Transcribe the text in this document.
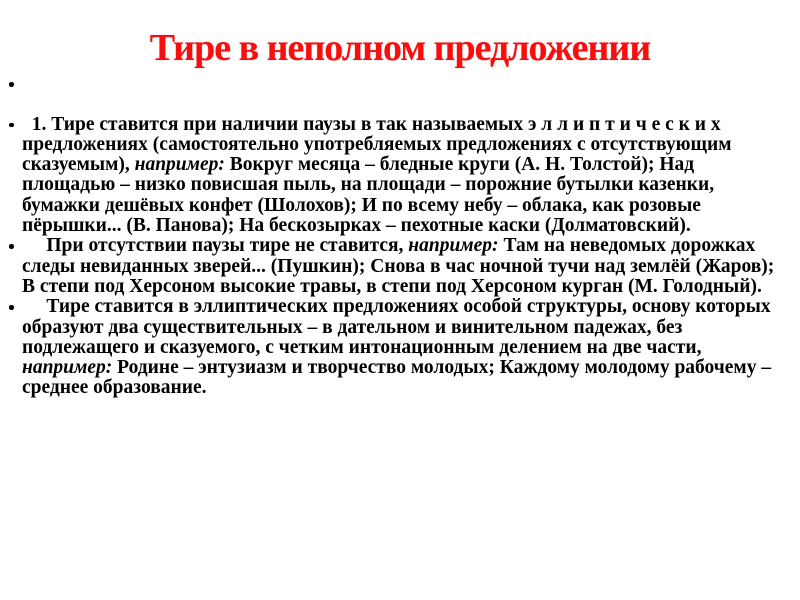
Тире в неполном предложении
1. Тире ставится при наличии паузы в так называемых э л л и п т и ч е с к и х предложениях (самостоятельно употребляемых предложениях с отсутствующим сказуемым), например: Вокруг месяца – бледные круги (А. Н. Толстой); Над площадью – низко повисшая пыль, на площади – порожние бутылки казенки, бумажки дешёвых конфет (Шолохов); И по всему небу – облака, как розовые пёрышки... (В. Панова); На бескозырках – пехотные каски (Долматовский).
При отсутствии паузы тире не ставится, например: Там на неведомых дорожках следы невиданных зверей... (Пушкин); Снова в час ночной тучи над землёй (Жаров); В степи под Херсоном высокие травы, в степи под Херсоном курган (М. Голодный).
Тире ставится в эллиптических предложениях особой структуры, основу которых образуют два существительных – в дательном и винительном падежах, без подлежащего и сказуемого, с четким интонационным делением на две части, например: Родине – энтузиазм и творчество молодых; Каждому молодому рабочему – среднее образование.
